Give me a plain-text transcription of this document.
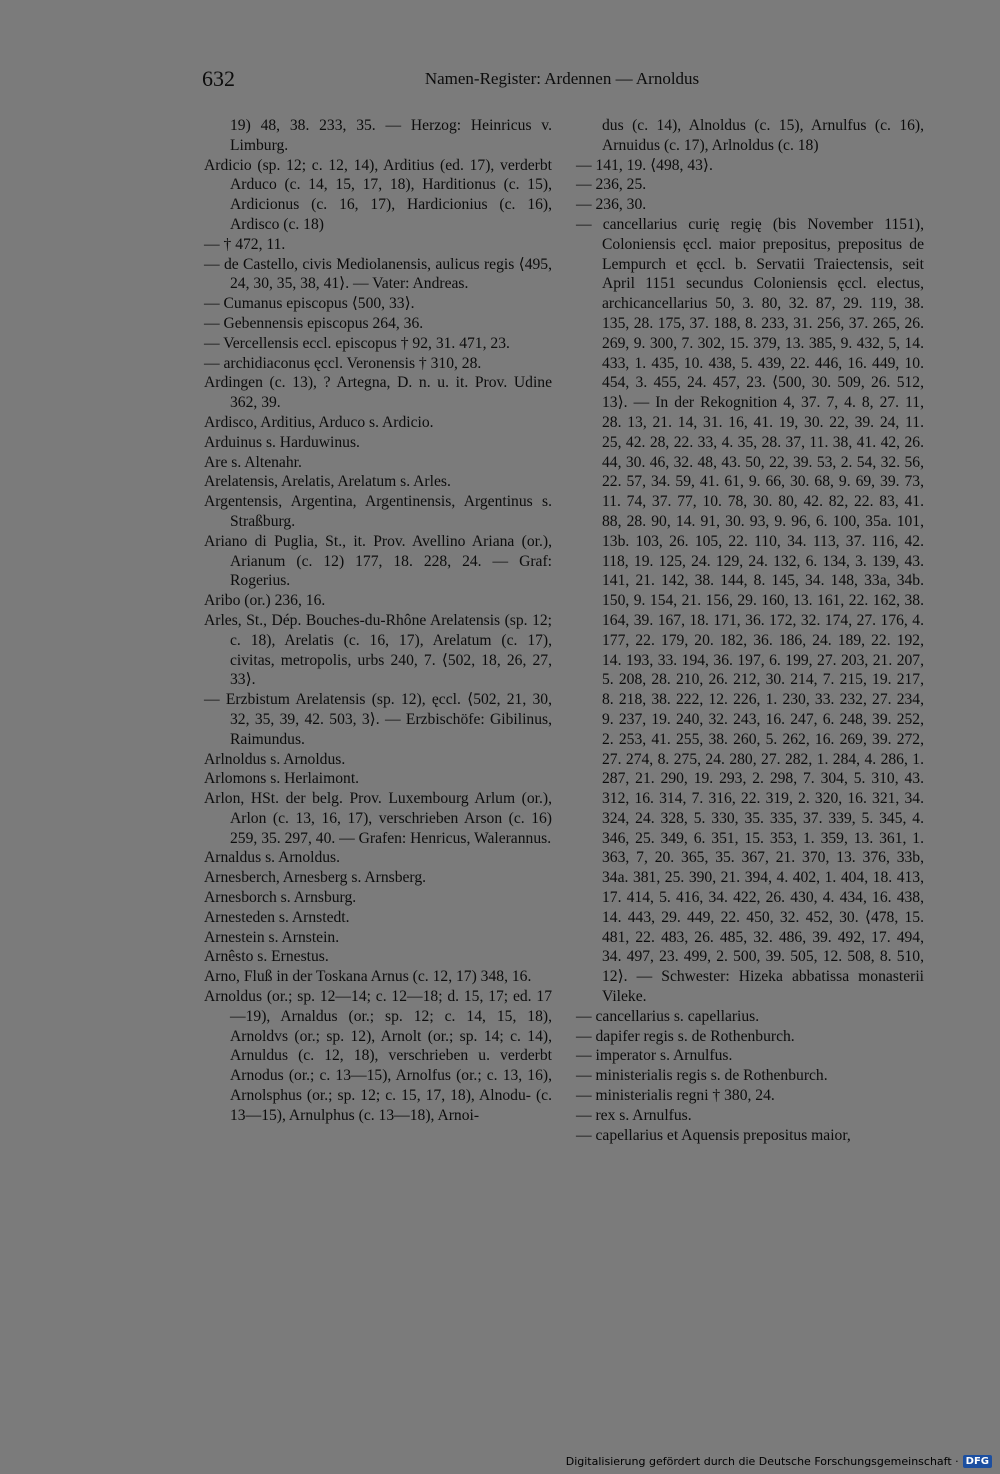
632	Namen-Register: Ardennen — Arnoldus
19) 48, 38. 233, 35. — Herzog: Heinricus v. Limburg.
Ardicio (sp. 12; c. 12, 14), Arditius (ed. 17), verderbt Arduco (c. 14, 15, 17, 18), Harditionus (c. 15), Ardicionus (c. 16, 17), Hardicionius (c. 16), Ardisco (c. 18)
— † 472, 11.
— de Castello, civis Mediolanensis, aulicus regis ⟨495, 24, 30, 35, 38, 41⟩. — Vater: Andreas.
— Cumanus episcopus ⟨500, 33⟩.
— Gebennensis episcopus 264, 36.
— Vercellensis eccl. episcopus † 92, 31. 471, 23.
— archidiaconus ęccl. Veronensis † 310, 28.
Ardingen (c. 13), ? Artegna, D. n. u. it. Prov. Udine 362, 39.
Ardisco, Arditius, Arduco s. Ardicio.
Arduinus s. Harduwinus.
Are s. Altenahr.
Arelatensis, Arelatis, Arelatum s. Arles.
Argentensis, Argentina, Argentinensis, Argentinus s. Straßburg.
Ariano di Puglia, St., it. Prov. Avellino Ariana (or.), Arianum (c. 12) 177, 18. 228, 24. — Graf: Rogerius.
Aribo (or.) 236, 16.
Arles, St., Dép. Bouches-du-Rhône Arelatensis (sp. 12; c. 18), Arelatis (c. 16, 17), Arelatum (c. 17), civitas, metropolis, urbs 240, 7. ⟨502, 18, 26, 27, 33⟩.
— Erzbistum Arelatensis (sp. 12), ęccl. ⟨502, 21, 30, 32, 35, 39, 42. 503, 3⟩. — Erzbischöfe: Gibilinus, Raimundus.
Arlnoldus s. Arnoldus.
Arlomons s. Herlaimont.
Arlon, HSt. der belg. Prov. Luxembourg Arlum (or.), Arlon (c. 13, 16, 17), verschrieben Arson (c. 16) 259, 35. 297, 40. — Grafen: Henricus, Walerannus.
Arnaldus s. Arnoldus.
Arnesberch, Arnesberg s. Arnsberg.
Arnesborch s. Arnsburg.
Arnesteden s. Arnstedt.
Arnestein s. Arnstein.
Arnêsto s. Ernestus.
Arno, Fluß in der Toskana Arnus (c. 12, 17) 348, 16.
Arnoldus (or.; sp. 12—14; c. 12—18; d. 15, 17; ed. 17—19), Arnaldus (or.; sp. 12; c. 14, 15, 18), Arnoldvs (or.; sp. 12), Arnolt (or.; sp. 14; c. 14), Arnuldus (c. 12, 18), verschrieben u. verderbt Arnodus (or.; c. 13—15), Arnolfus (or.; c. 13, 16), Arnolsphus (or.; sp. 12; c. 15, 17, 18), Alnodu- (c. 13—15), Arnulphus (c. 13—18), Arnoi-
dus (c. 14), Alnoldus (c. 15), Arnulfus (c. 16), Arnuidus (c. 17), Arlnoldus (c. 18)
— 141, 19. ⟨498, 43⟩.
— 236, 25.
— 236, 30.
— cancellarius curię regię (bis November 1151), Coloniensis ęccl. maior prepositus, prepositus de Lempurch et ęccl. b. Servatii Traiectensis, seit April 1151 secundus Coloniensis ęccl. electus, archicancellarius 50, 3. 80, 32. 87, 29. 119, 38. 135, 28. 175, 37. 188, 8. 233, 31. 256, 37. 265, 26. 269, 9. 300, 7. 302, 15. 379, 13. 385, 9. 432, 5, 14. 433, 1. 435, 10. 438, 5. 439, 22. 446, 16. 449, 10. 454, 3. 455, 24. 457, 23. ⟨500, 30. 509, 26. 512, 13⟩. — In der Rekognition 4, 37. 7, 4. 8, 27. 11, 28. 13, 21. 14, 31. 16, 41. 19, 30. 22, 39. 24, 11. 25, 42. 28, 22. 33, 4. 35, 28. 37, 11. 38, 41. 42, 26. 44, 30. 46, 32. 48, 43. 50, 22, 39. 53, 2. 54, 32. 56, 22. 57, 34. 59, 41. 61, 9. 66, 30. 68, 9. 69, 39. 73, 11. 74, 37. 77, 10. 78, 30. 80, 42. 82, 22. 83, 41. 88, 28. 90, 14. 91, 30. 93, 9. 96, 6. 100, 35a. 101, 13b. 103, 26. 105, 22. 110, 34. 113, 37. 116, 42. 118, 19. 125, 24. 129, 24. 132, 6. 134, 3. 139, 43. 141, 21. 142, 38. 144, 8. 145, 34. 148, 33a, 34b. 150, 9. 154, 21. 156, 29. 160, 13. 161, 22. 162, 38. 164, 39. 167, 18. 171, 36. 172, 32. 174, 27. 176, 4. 177, 22. 179, 20. 182, 36. 186, 24. 189, 22. 192, 14. 193, 33. 194, 36. 197, 6. 199, 27. 203, 21. 207, 5. 208, 28. 210, 26. 212, 30. 214, 7. 215, 19. 217, 8. 218, 38. 222, 12. 226, 1. 230, 33. 232, 27. 234, 9. 237, 19. 240, 32. 243, 16. 247, 6. 248, 39. 252, 2. 253, 41. 255, 38. 260, 5. 262, 16. 269, 39. 272, 27. 274, 8. 275, 24. 280, 27. 282, 1. 284, 4. 286, 1. 287, 21. 290, 19. 293, 2. 298, 7. 304, 5. 310, 43. 312, 16. 314, 7. 316, 22. 319, 2. 320, 16. 321, 34. 324, 24. 328, 5. 330, 35. 335, 37. 339, 5. 345, 4. 346, 25. 349, 6. 351, 15. 353, 1. 359, 13. 361, 1. 363, 7, 20. 365, 35. 367, 21. 370, 13. 376, 33b, 34a. 381, 25. 390, 21. 394, 4. 402, 1. 404, 18. 413, 17. 414, 5. 416, 34. 422, 26. 430, 4. 434, 16. 438, 14. 443, 29. 449, 22. 450, 32. 452, 30. ⟨478, 15. 481, 22. 483, 26. 485, 32. 486, 39. 492, 17. 494, 34. 497, 23. 499, 2. 500, 39. 505, 12. 508, 8. 510, 12⟩. — Schwester: Hizeka abbatissa monasterii Vileke.
— cancellarius s. capellarius.
— dapifer regis s. de Rothenburch.
— imperator s. Arnulfus.
— ministerialis regis s. de Rothenburch.
— ministerialis regni † 380, 24.
— rex s. Arnulfus.
— capellarius et Aquensis prepositus maior,
Digitalisierung gefördert durch die Deutsche Forschungsgemeinschaft · DFG
